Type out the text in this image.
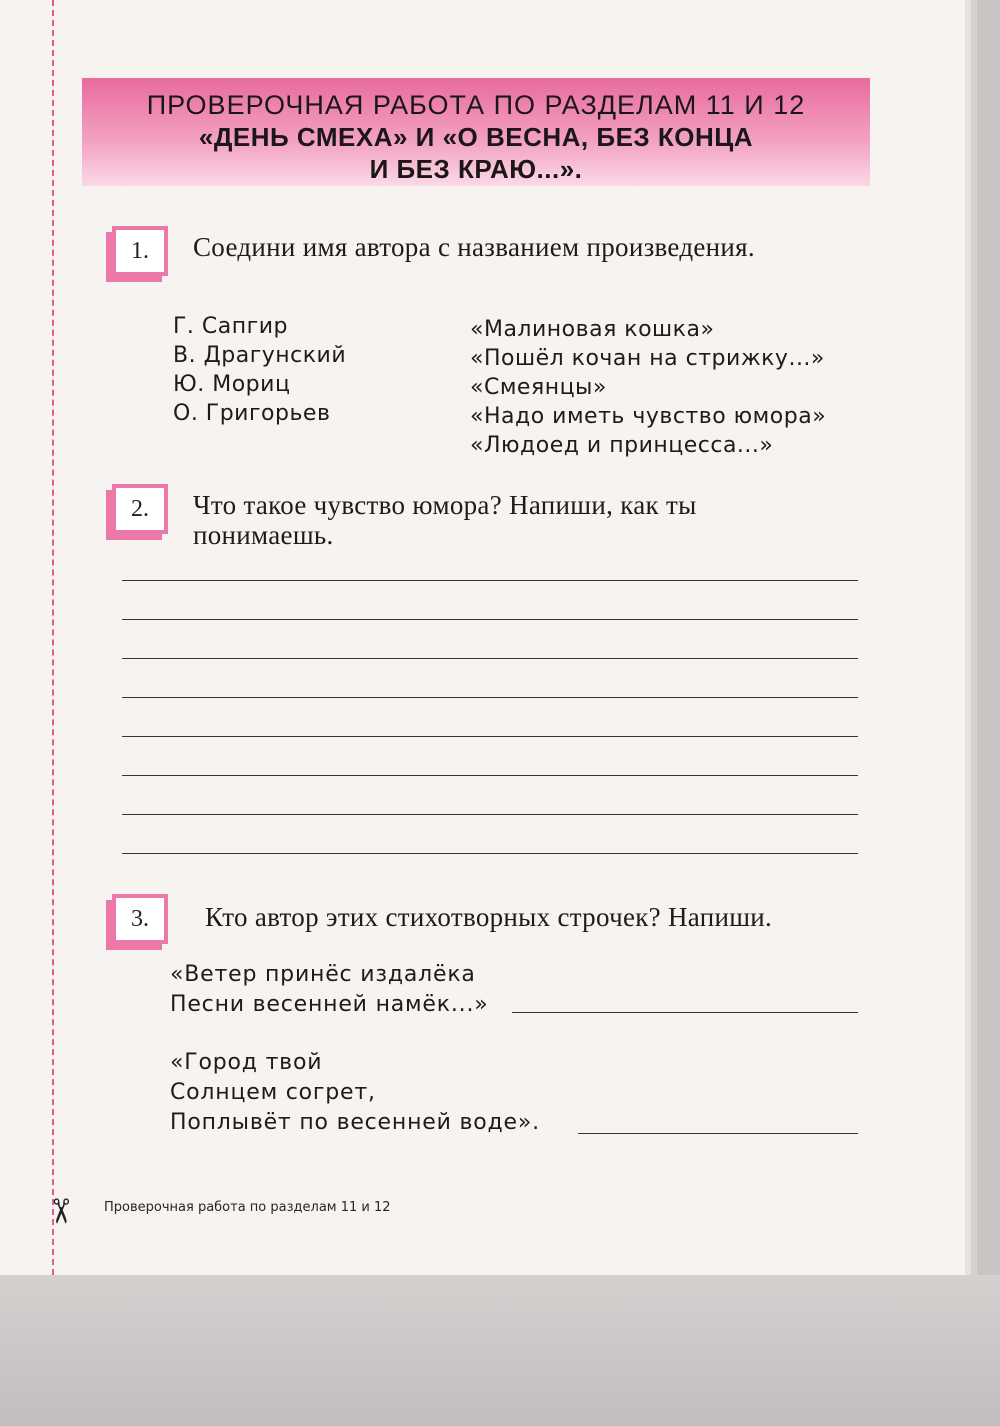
✂
ПРОВЕРОЧНАЯ РАБОТА ПО РАЗДЕЛАМ 11 И 12
«ДЕНЬ СМЕХА» И «О ВЕСНА, БЕЗ КОНЦА
И БЕЗ КРАЮ...».
1.	Соедини имя автора с названием произведения.
Г. Сапгир
В. Драгунский
Ю. Мориц
О. Григорьев
«Малиновая кошка»
«Пошёл кочан на стрижку...»
«Смеянцы»
«Надо иметь чувство юмора»
«Людоед и принцесса...»
2.	Что такое чувство юмора? Напиши, как ты
понимаешь.
3.	Кто автор этих стихотворных строчек? Напиши.
«Ветер принёс издалёка
Песни весенней намёк...»
«Город твой
Солнцем согрет,
Поплывёт по весенней воде».
Проверочная работа по разделам 11 и 12
